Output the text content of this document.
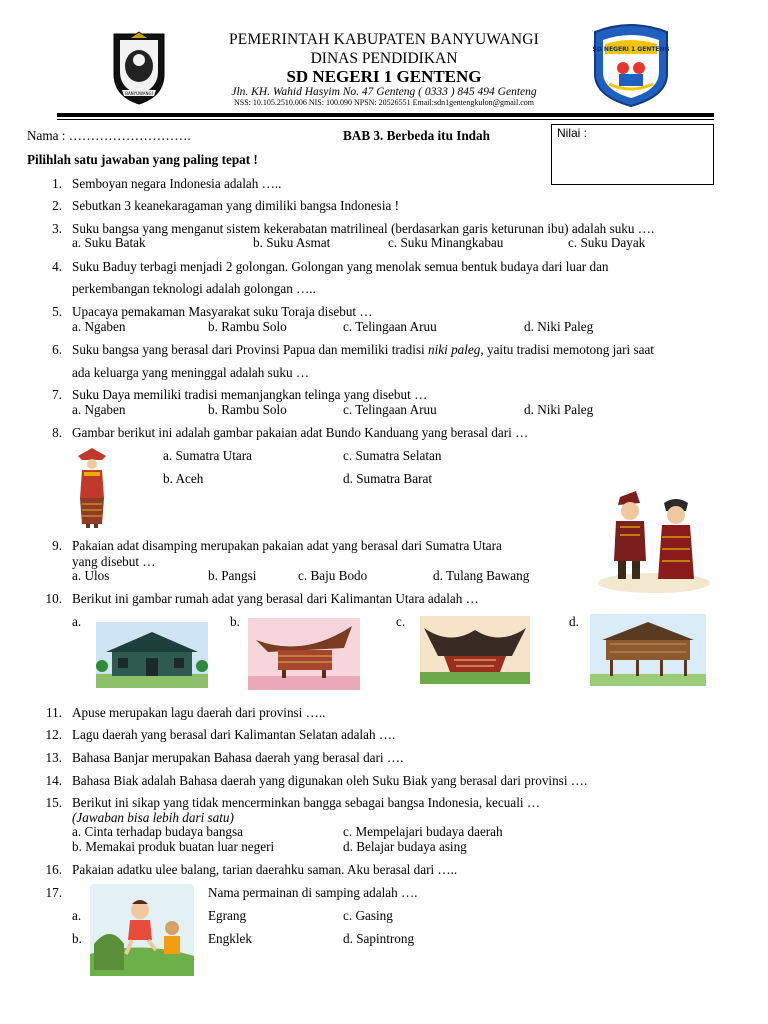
BANYUWANGI
SD NEGERI 1 GENTENG
PEMERINTAH KABUPATEN BANYUWANGI
DINAS PENDIDIKAN
SD NEGERI 1 GENTENG
Jln. KH. Wahid Hasyim No. 47 Genteng ( 0333 ) 845 494 Genteng
NSS: 10.105.2510.006 NIS: 100.090 NPSN: 20526551 Email:sdn1gentengkulon@gmail.com
Nama : ……………………….	BAB 3. Berbeda itu Indah	Nilai :
Pilihlah satu jawaban yang paling tepat !
1. Semboyan negara Indonesia adalah …..
2. Sebutkan 3 keanekaragaman yang dimiliki bangsa Indonesia !
3. Suku bangsa yang menganut sistem kekerabatan matrilineal (berdasarkan garis keturunan ibu) adalah suku ….
a. Suku Batak	b. Suku Asmat	c. Suku Minangkabau	c. Suku Dayak
4. Suku Baduy terbagi menjadi 2 golongan. Golongan yang menolak semua bentuk budaya dari luar dan
perkembangan teknologi adalah golongan …..
5. Upacaya pemakaman Masyarakat suku Toraja disebut …
a. Ngaben	b. Rambu Solo	c. Telingaan Aruu	d. Niki Paleg
6. Suku bangsa yang berasal dari Provinsi Papua dan memiliki tradisi niki paleg, yaitu tradisi memotong jari saat
ada keluarga yang meninggal adalah suku …
7. Suku Daya memiliki tradisi memanjangkan telinga yang disebut …
a. Ngaben	b. Rambu Solo	c. Telingaan Aruu	d. Niki Paleg
8. Gambar berikut ini adalah gambar pakaian adat Bundo Kanduang yang berasal dari …
a. Sumatra Utara	c. Sumatra Selatan
b. Aceh	d. Sumatra Barat
9. Pakaian adat disamping merupakan pakaian adat yang berasal dari Sumatra Utara
yang disebut …
a. Ulos	b. Pangsi	c. Baju Bodo	d. Tulang Bawang
10. Berikut ini gambar rumah adat yang berasal dari Kalimantan Utara adalah …
a.	b.	c.	d.
11. Apuse merupakan lagu daerah dari provinsi …..
12. Lagu daerah yang berasal dari Kalimantan Selatan adalah ….
13. Bahasa Banjar merupakan Bahasa daerah yang berasal dari ….
14. Bahasa Biak adalah Bahasa daerah yang digunakan oleh Suku Biak yang berasal dari provinsi ….
15. Berikut ini sikap yang tidak mencerminkan bangga sebagai bangsa Indonesia, kecuali …
(Jawaban bisa lebih dari satu)
a. Cinta terhadap budaya bangsa	c. Mempelajari budaya daerah
b. Memakai produk buatan luar negeri	d. Belajar budaya asing
16. Pakaian adatku ulee balang, tarian daerahku saman. Aku berasal dari …..
17.	Nama permainan di samping adalah ….
a.	Egrang	c. Gasing
b.	Engklek	d. Sapintrong
